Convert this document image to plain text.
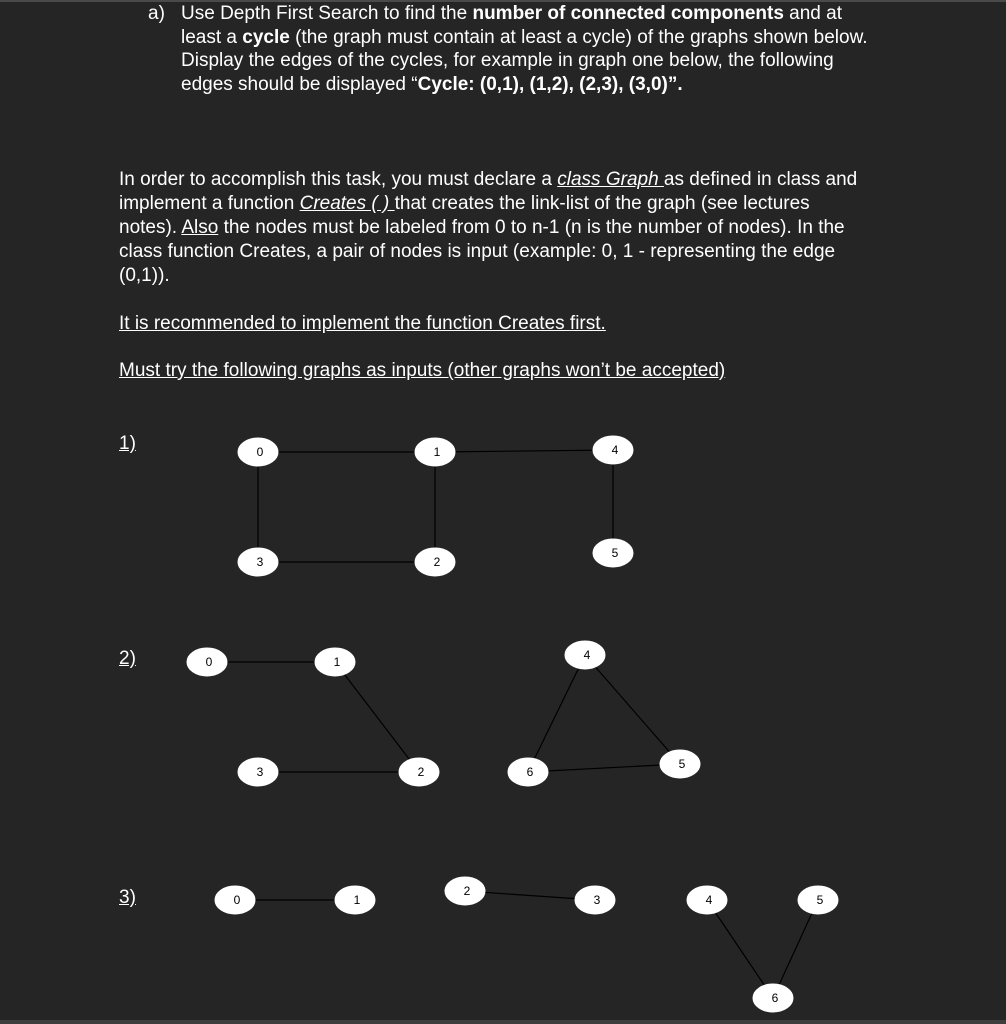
a) Use Depth First Search to find the number of connected components and at least a cycle (the graph must contain at least a cycle) of the graphs shown below. Display the edges of the cycles, for example in graph one below, the following edges should be displayed “Cycle: (0,1), (1,2), (2,3), (3,0)”.
In order to accomplish this task, you must declare a class Graph as defined in class and implement a function Creates ( ) that creates the link-list of the graph (see lectures notes). Also the nodes must be labeled from 0 to n-1 (n is the number of nodes). In the class function Creates, a pair of nodes is input (example: 0, 1 - representing the edge (0,1)).
It is recommended to implement the function Creates first.
Must try the following graphs as inputs (other graphs won’t be accepted)
1)
2)
3)
0	1	4
3	2
5
0	1	4
3	2	6
5
0	1
2
3	4	5
6
